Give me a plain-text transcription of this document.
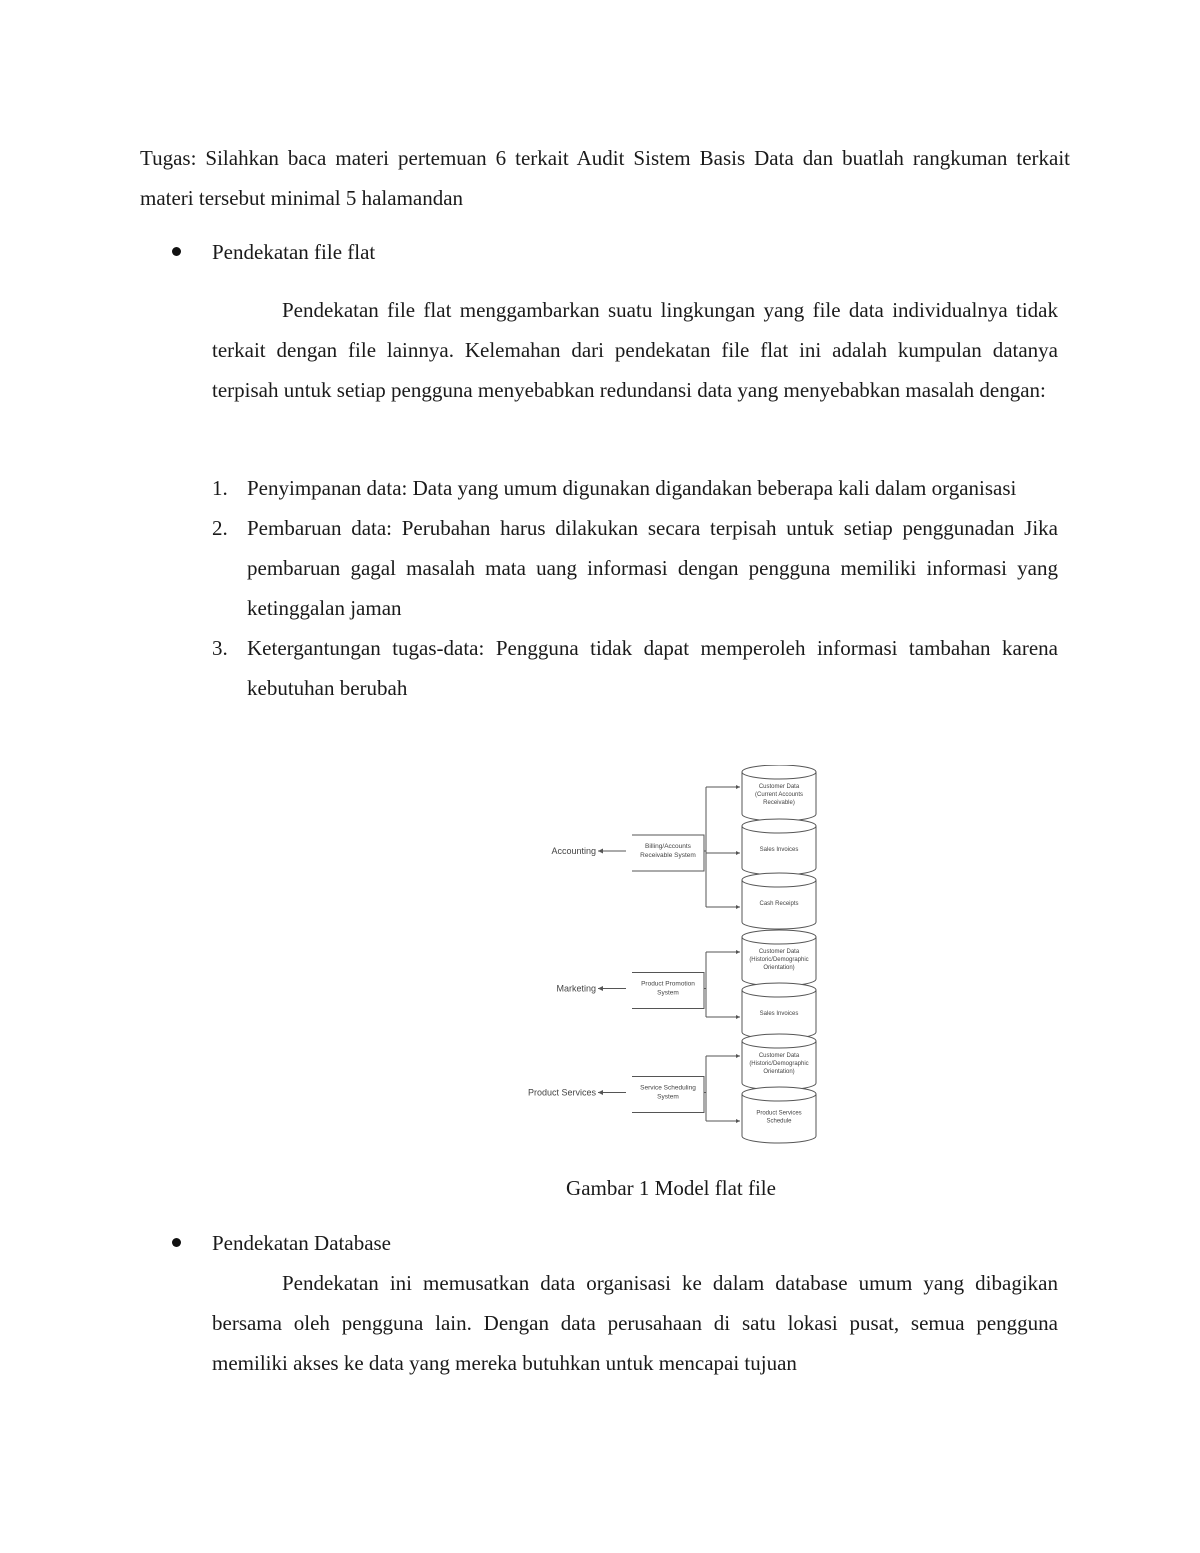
Tugas: Silahkan baca materi pertemuan 6 terkait Audit Sistem Basis Data dan buatlah rangkuman terkait materi tersebut minimal 5 halamandan

Pendekatan file flat

Pendekatan file flat menggambarkan suatu lingkungan yang file data individualnya tidak terkait dengan file lainnya. Kelemahan dari pendekatan file flat ini adalah kumpulan datanya terpisah untuk setiap pengguna menyebabkan redundansi data yang menyebabkan masalah dengan:

1. Penyimpanan data: Data yang umum digunakan digandakan beberapa kali dalam organisasi
2. Pembaruan data: Perubahan harus dilakukan secara terpisah untuk setiap penggunadan Jika pembaruan gagal masalah mata uang informasi dengan pengguna memiliki informasi yang ketinggalan jaman
3. Ketergantungan tugas-data: Pengguna tidak dapat memperoleh informasi tambahan karena kebutuhan berubah
Accounting	Billing/Accounts
Receivable System
Customer Data
(Current Accounts
Receivable)
Sales Invoices
Cash Receipts
Marketing	Product Promotion
System
Customer Data
(Historic/Demographic
Orientation)
Sales Invoices
Product Services	Service Scheduling
System
Customer Data
(Historic/Demographic
Orientation)
Product Services
Schedule
Gambar 1 Model flat file
Pendekatan Database

Pendekatan ini memusatkan data organisasi ke dalam database umum yang dibagikan bersama oleh pengguna lain. Dengan data perusahaan di satu lokasi pusat, semua pengguna memiliki akses ke data yang mereka butuhkan untuk mencapai tujuan
